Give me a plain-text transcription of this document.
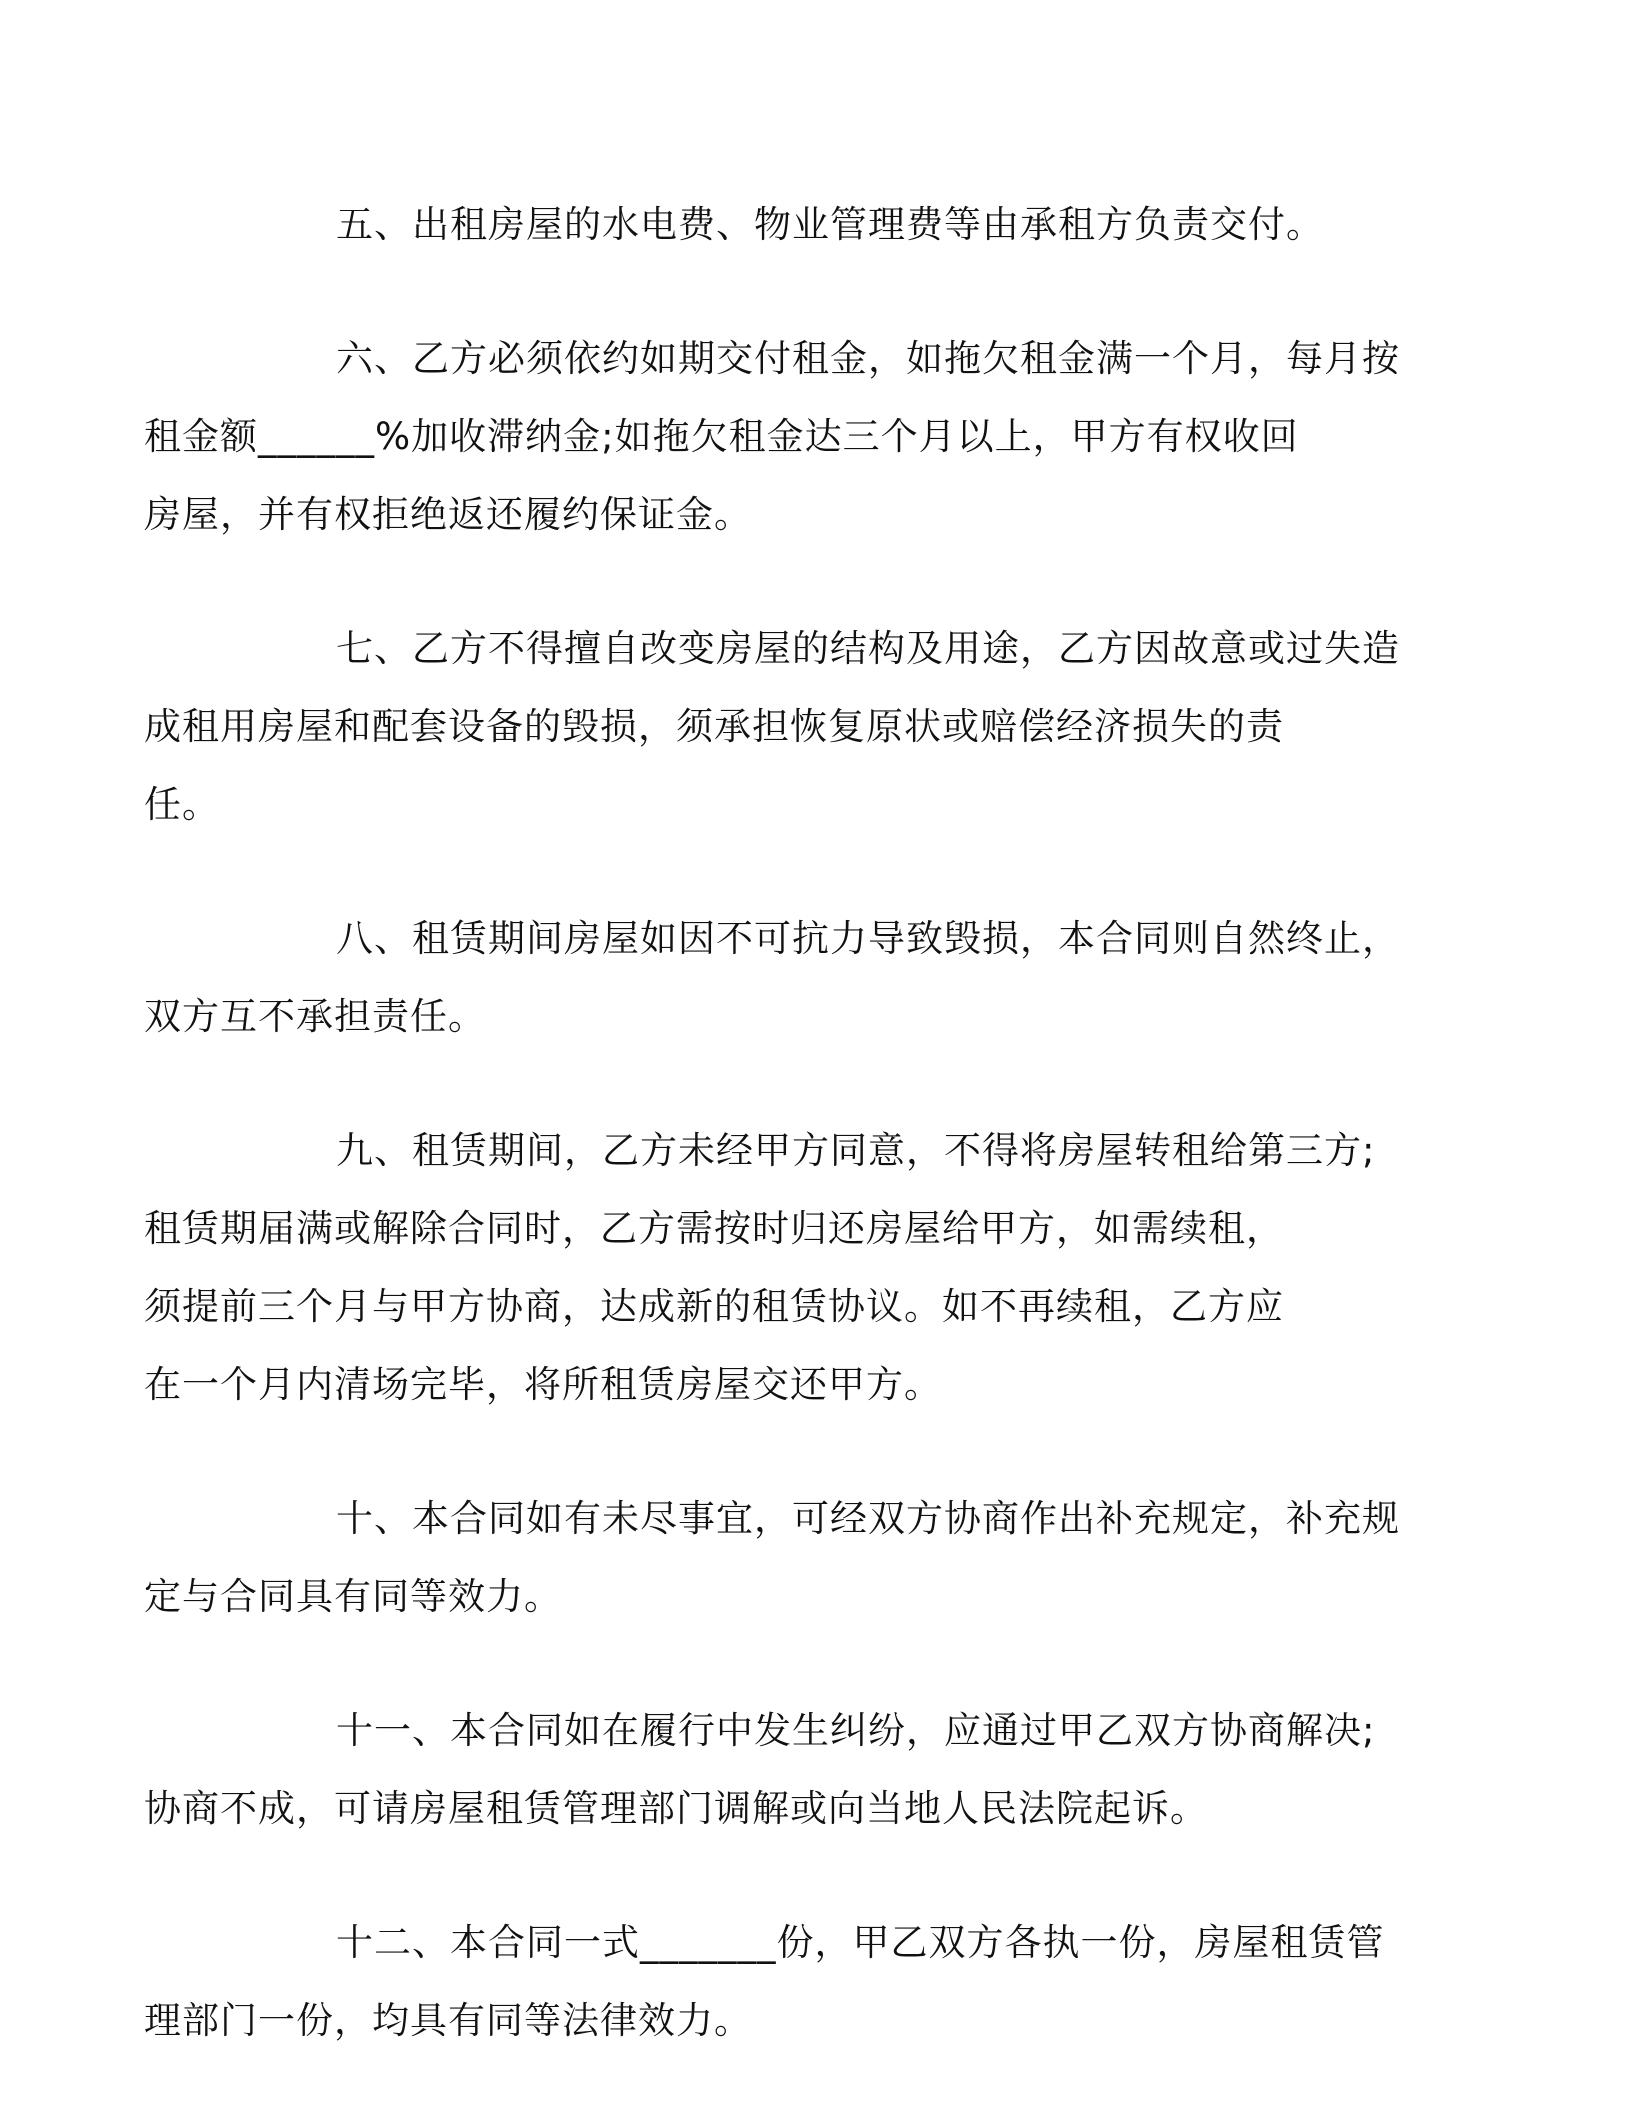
五、出租房屋的水电费、物业管理费等由承租方负责交付。

六、乙方必须依约如期交付租金，如拖欠租金满一个月，每月按
租金额______%加收滞纳金;如拖欠租金达三个月以上，甲方有权收回
房屋，并有权拒绝返还履约保证金。

七、乙方不得擅自改变房屋的结构及用途，乙方因故意或过失造
成租用房屋和配套设备的毁损，须承担恢复原状或赔偿经济损失的责
任。

八、租赁期间房屋如因不可抗力导致毁损，本合同则自然终止，
双方互不承担责任。

九、租赁期间，乙方未经甲方同意，不得将房屋转租给第三方;
租赁期届满或解除合同时，乙方需按时归还房屋给甲方，如需续租，
须提前三个月与甲方协商，达成新的租赁协议。如不再续租，乙方应
在一个月内清场完毕，将所租赁房屋交还甲方。

十、本合同如有未尽事宜，可经双方协商作出补充规定，补充规
定与合同具有同等效力。

十一、本合同如在履行中发生纠纷，应通过甲乙双方协商解决;
协商不成，可请房屋租赁管理部门调解或向当地人民法院起诉。

十二、本合同一式_______份，甲乙双方各执一份，房屋租赁管
理部门一份，均具有同等法律效力。
